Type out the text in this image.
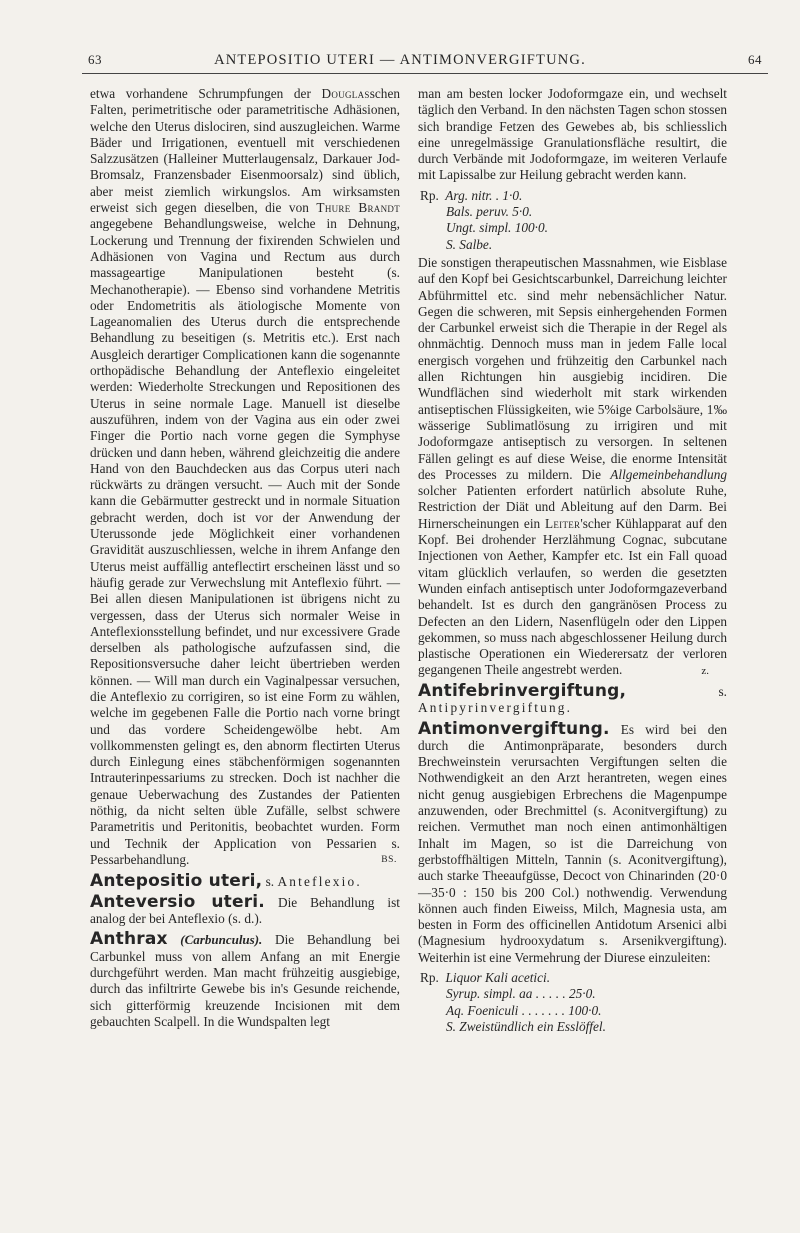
63	ANTEPOSITIO UTERI — ANTIMONVERGIFTUNG.	64

etwa vorhandene Schrumpfungen der Douglasschen Falten, perimetritische oder parametritische Adhäsionen, welche den Uterus dislociren, sind auszugleichen. Warme Bäder und Irrigationen, eventuell mit verschiedenen Salzzusätzen (Halleiner Mutterlaugensalz, Darkauer Jod-Bromsalz, Franzensbader Eisenmoorsalz) sind üblich, aber meist ziemlich wirkungslos. Am wirksamsten erweist sich gegen dieselben, die von Thure Brandt angegebene Behandlungsweise, welche in Dehnung, Lockerung und Trennung der fixirenden Schwielen und Adhäsionen von Vagina und Rectum aus durch massageartige Manipulationen besteht (s. Mechanotherapie). — Ebenso sind vorhandene Metritis oder Endometritis als ätiologische Momente von Lageanomalien des Uterus durch die entsprechende Behandlung zu beseitigen (s. Metritis etc.). Erst nach Ausgleich derartiger Complicationen kann die sogenannte orthopädische Behandlung der Anteflexio eingeleitet werden: Wiederholte Streckungen und Repositionen des Uterus in seine normale Lage. Manuell ist dieselbe auszuführen, indem von der Vagina aus ein oder zwei Finger die Portio nach vorne gegen die Symphyse drücken und dann heben, während gleichzeitig die andere Hand von den Bauchdecken aus das Corpus uteri nach rückwärts zu drängen versucht. — Auch mit der Sonde kann die Gebärmutter gestreckt und in normale Situation gebracht werden, doch ist vor der Anwendung der Uterussonde jede Möglichkeit einer vorhandenen Gravidität auszuschliessen, welche in ihrem Anfange den Uterus meist auffällig anteflectirt erscheinen lässt und so häufig gerade zur Verwechslung mit Anteflexio führt. — Bei allen diesen Manipulationen ist übrigens nicht zu vergessen, dass der Uterus sich normaler Weise in Anteflexionsstellung befindet, und nur excessivere Grade derselben als pathologische aufzufassen sind, die Repositionsversuche daher leicht übertrieben werden können. — Will man durch ein Vaginalpessar versuchen, die Anteflexio zu corrigiren, so ist eine Form zu wählen, welche im gegebenen Falle die Portio nach vorne bringt und das vordere Scheidengewölbe hebt. Am vollkommensten gelingt es, den abnorm flectirten Uterus durch Einlegung eines stäbchenförmigen sogenannten Intrauterinpessariums zu strecken. Doch ist nachher die genaue Ueberwachung des Zustandes der Patienten nöthig, da nicht selten üble Zufälle, selbst schwere Parametritis und Peritonitis, beobachtet wurden. Form und Technik der Application von Pessarien s. Pessarbehandlung.	BS.

Antepositio uteri, s. Anteflexio.

Anteversio uteri. Die Behandlung ist analog der bei Anteflexio (s. d.).

Anthrax (Carbunculus). Die Behandlung bei Carbunkel muss von allem Anfang an mit Energie durchgeführt werden. Man macht frühzeitig ausgiebige, durch das infiltrirte Gewebe bis in's Gesunde reichende, sich gitterförmig kreuzende Incisionen mit dem gebauchten Scalpell. In die Wundspalten legt

man am besten locker Jodoformgaze ein, und wechselt täglich den Verband. In den nächsten Tagen schon stossen sich brandige Fetzen des Gewebes ab, bis schliesslich eine unregelmässige Granulationsfläche resultirt, die durch Verbände mit Jodoformgaze, im weiteren Verlaufe mit Lapissalbe zur Heilung gebracht werden kann.

Rp. Arg. nitr. . 1·0.
Bals. peruv. 5·0.
Ungt. simpl. 100·0.
S. Salbe.

Die sonstigen therapeutischen Massnahmen, wie Eisblase auf den Kopf bei Gesichtscarbunkel, Darreichung leichter Abführmittel etc. sind mehr nebensächlicher Natur. Gegen die schweren, mit Sepsis einhergehenden Formen der Carbunkel erweist sich die Therapie in der Regel als ohnmächtig. Dennoch muss man in jedem Falle local energisch vorgehen und frühzeitig den Carbunkel nach allen Richtungen hin ausgiebig incidiren. Die Wundflächen sind wiederholt mit stark wirkenden antiseptischen Flüssigkeiten, wie 5%ige Carbolsäure, 1‰ wässerige Sublimatlösung zu irrigiren und mit Jodoformgaze antiseptisch zu versorgen. In seltenen Fällen gelingt es auf diese Weise, die enorme Intensität des Processes zu mildern. Die Allgemeinbehandlung solcher Patienten erfordert natürlich absolute Ruhe, Restriction der Diät und Ableitung auf den Darm. Bei Hirnerscheinungen ein Leiter'scher Kühlapparat auf den Kopf. Bei drohender Herzlähmung Cognac, subcutane Injectionen von Aether, Kampfer etc. Ist ein Fall quoad vitam glücklich verlaufen, so werden die gesetzten Wunden einfach antiseptisch unter Jodoformgazeverband behandelt. Ist es durch den gangränösen Process zu Defecten an den Lidern, Nasenflügeln oder den Lippen gekommen, so muss nach abgeschlossener Heilung durch plastische Operationen ein Wiederersatz der verloren gegangenen Theile angestrebt werden.	z.

Antifebrinvergiftung, s. Antipyrinvergiftung.

Antimonvergiftung. Es wird bei den durch die Antimonpräparate, besonders durch Brechweinstein verursachten Vergiftungen selten die Nothwendigkeit an den Arzt herantreten, wegen eines nicht genug ausgiebigen Erbrechens die Magenpumpe anzuwenden, oder Brechmittel (s. Aconitvergiftung) zu reichen. Vermuthet man noch einen antimonhältigen Inhalt im Magen, so ist die Darreichung von gerbstoffhältigen Mitteln, Tannin (s. Aconitvergiftung), auch starke Theeaufgüsse, Decoct von Chinarinden (20·0—35·0 : 150 bis 200 Col.) nothwendig. Verwendung können auch finden Eiweiss, Milch, Magnesia usta, am besten in Form des officinellen Antidotum Arsenici albi (Magnesium hydrooxydatum s. Arsenikvergiftung). Weiterhin ist eine Vermehrung der Diurese einzuleiten:

Rp. Liquor Kali acetici.
Syrup. simpl. aa . . . . . 25·0.
Aq. Foeniculi . . . . . . . 100·0.
S. Zweistündlich ein Esslöffel.
